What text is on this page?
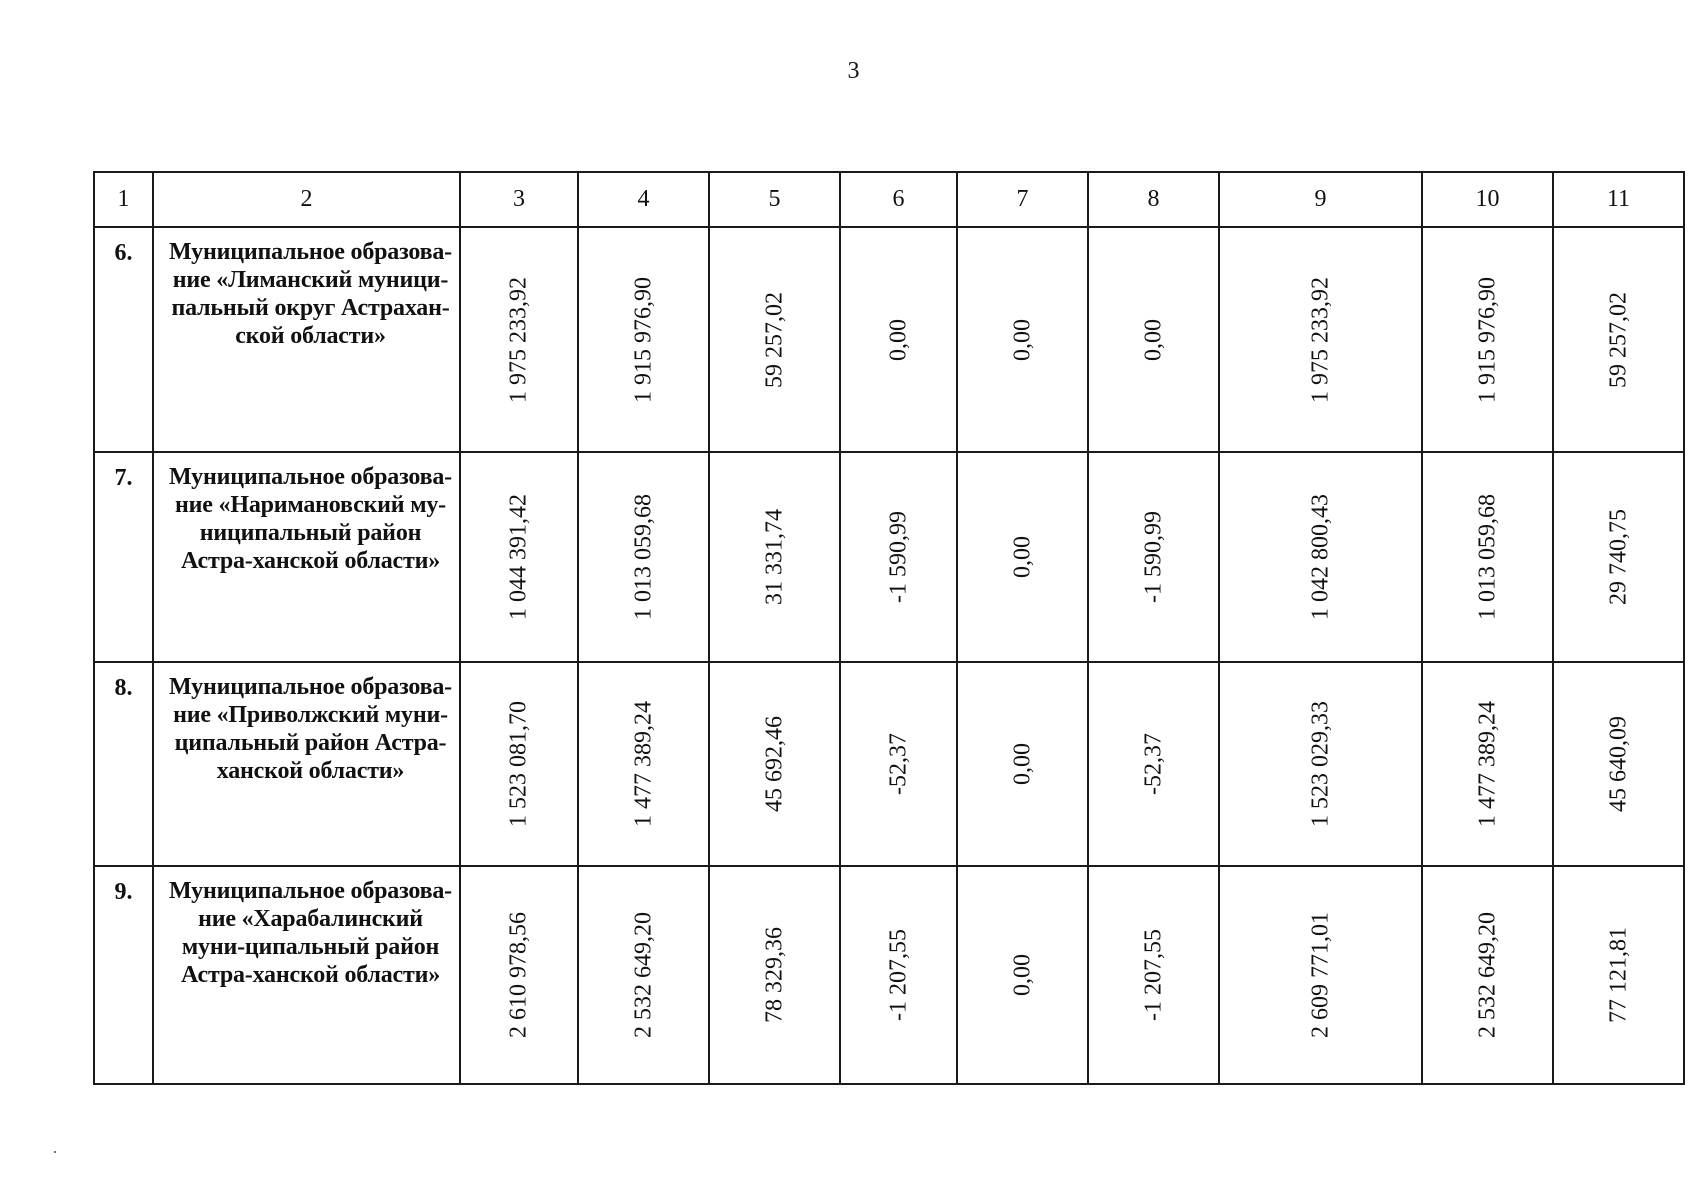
3
1	2	3	4	5	6	7	8	9	10	11
6.	Муниципальное образова-ние «Лиманский муници-пальный округ Астрахан-ской области»	1 975 233,92	1 915 976,90	59 257,02	0,00	0,00	0,00	1 975 233,92	1 915 976,90	59 257,02

7.	Муниципальное образова-ние «Наримановский му-ниципальный район Астра-ханской области»	1 044 391,42	1 013 059,68	31 331,74	-1 590,99	0,00	-1 590,99	1 042 800,43	1 013 059,68	29 740,75

8.	Муниципальное образова-ние «Приволжский муни-ципальный район Астра-ханской области»	1 523 081,70	1 477 389,24	45 692,46	-52,37	0,00	-52,37	1 523 029,33	1 477 389,24	45 640,09

9.	Муниципальное образова-ние «Харабалинский муни-ципальный район Астра-ханской области»	2 610 978,56	2 532 649,20	78 329,36	-1 207,55	0,00	-1 207,55	2 609 771,01	2 532 649,20	77 121,81
